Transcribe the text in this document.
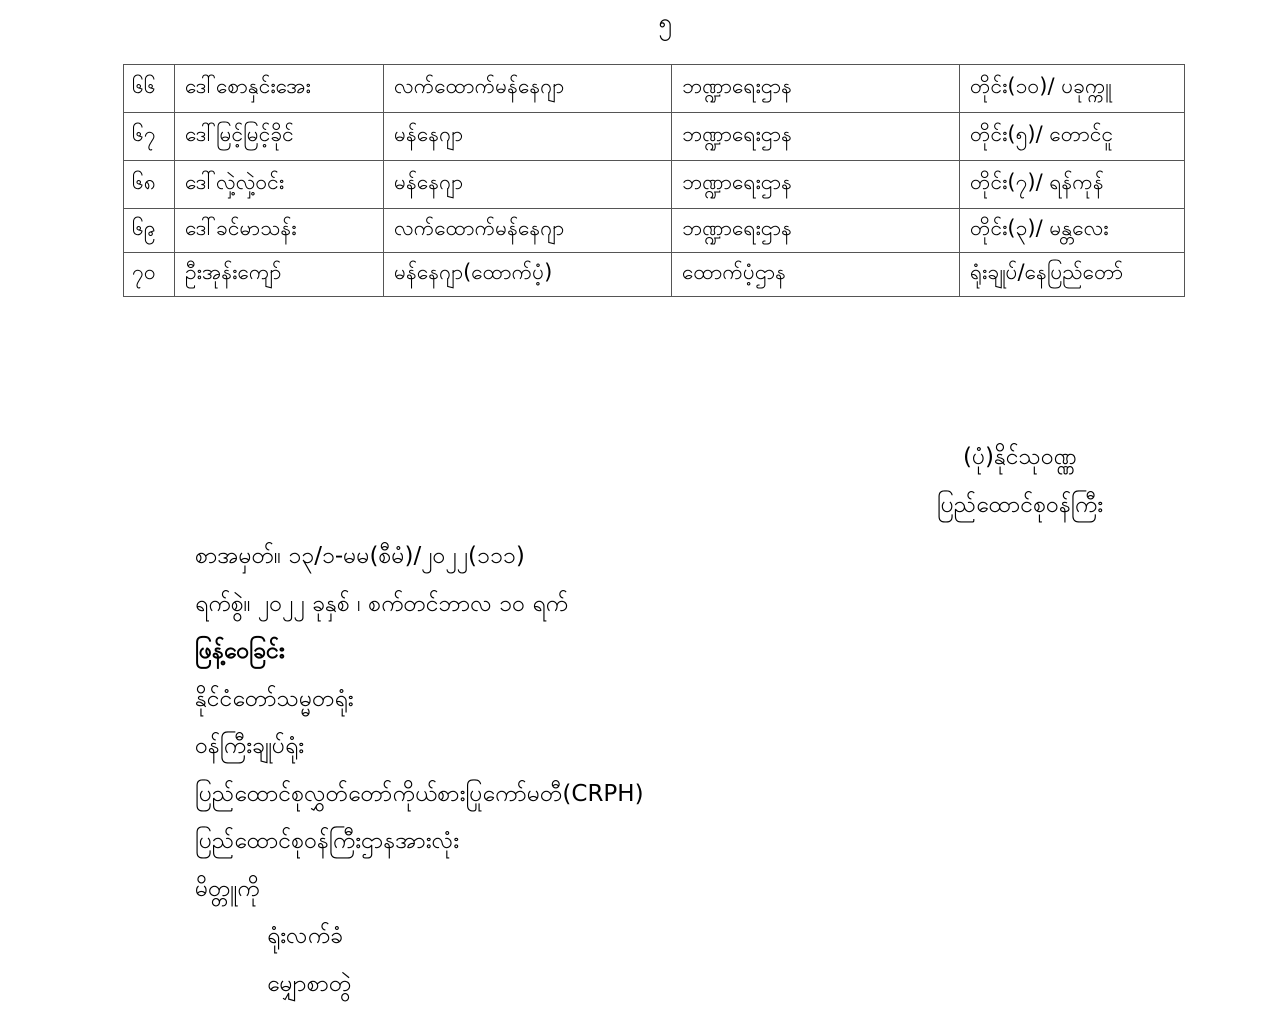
၅
၆၆	ဒေါ်စောနှင်းအေး	လက်ထောက်မန်နေဂျာ	ဘဏ္ဍာရေးဌာန	တိုင်း(၁၀)/ ပခုက္ကူ
၆၇	ဒေါ်မြင့်မြင့်ခိုင်	မန်နေဂျာ	ဘဏ္ဍာရေးဌာန	တိုင်း(၅)/ တောင်ငူ
၆၈	ဒေါ်လှဲ့လှဲ့ဝင်း	မန်နေဂျာ	ဘဏ္ဍာရေးဌာန	တိုင်း(၇)/ ရန်ကုန်
၆၉	ဒေါ်ခင်မာသန်း	လက်ထောက်မန်နေဂျာ	ဘဏ္ဍာရေးဌာန	တိုင်း(၃)/ မန္တလေး
၇၀	ဦးအုန်းကျော်	မန်နေဂျာ(ထောက်ပံ့)	ထောက်ပံ့ဌာန	ရုံးချုပ်/နေပြည်တော်
(ပုံ)နိုင်သုဝဏ္ဏ
ပြည်ထောင်စုဝန်ကြီး
စာအမှတ်။ ၁၃/၁-မမ(စီမံ)/၂၀၂၂(၁၁၁)
ရက်စွဲ။ ၂၀၂၂ ခုနှစ် ၊ စက်တင်ဘာလ ၁၀ ရက်
ဖြန့်ဝေခြင်း
နိုင်ငံတော်သမ္မတရုံး
ဝန်ကြီးချုပ်ရုံး
ပြည်ထောင်စုလွှတ်တော်ကိုယ်စားပြုကော်မတီ(CRPH)
ပြည်ထောင်စုဝန်ကြီးဌာနအားလုံး
မိတ္တူကို
ရုံးလက်ခံ
မျှောစာတွဲ
